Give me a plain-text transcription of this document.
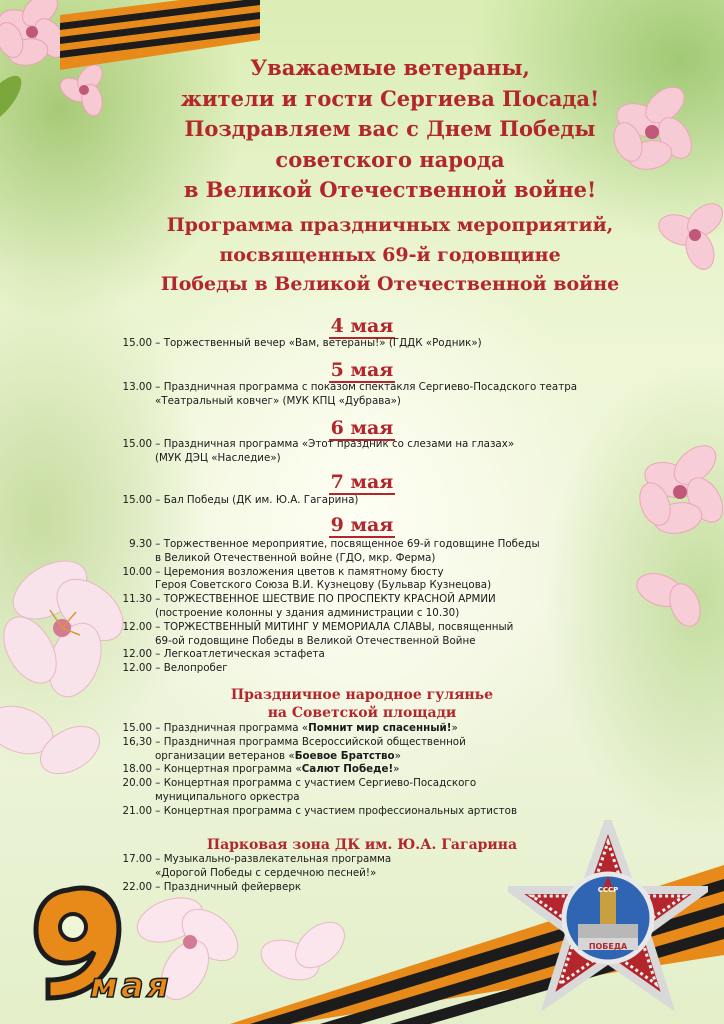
Уважаемые ветераны,
жители и гости Сергиева Посада!
Поздравляем вас с Днем Победы
советского народа
в Великой Отечественной войне!
Программа праздничных мероприятий,
посвященных 69-й годовщине
Победы в Великой Отечественной войне
4 мая
15.00 – Торжественный вечер «Вам, ветераны!» (ГДДК «Родник»)
5 мая
13.00 – Праздничная программа с показом спектакля Сергиево-Посадского театра
«Театральный ковчег» (МУК КПЦ «Дубрава»)
6 мая
15.00 – Праздничная программа «Этот праздник со слезами на глазах»
(МУК ДЭЦ «Наследие»)
7 мая
15.00 – Бал Победы (ДК им. Ю.А. Гагарина)
9 мая
9.30 – Торжественное мероприятие, посвященное 69-й годовщине Победы
в Великой Отечественной войне (ГДО, мкр. Ферма)
10.00 – Церемония возложения цветов к памятному бюсту
Героя Советского Союза В.И. Кузнецову (Бульвар Кузнецова)
11.30 – ТОРЖЕСТВЕННОЕ ШЕСТВИЕ ПО ПРОСПЕКТУ КРАСНОЙ АРМИИ
(построение колонны у здания администрации с 10.30)
12.00 – ТОРЖЕСТВЕННЫЙ МИТИНГ У МЕМОРИАЛА СЛАВЫ, посвященный
69-ой годовщине Победы в Великой Отечественной Войне
12.00 – Легкоатлетическая эстафета
12.00 – Велопробег
Праздничное народное гулянье
на Советской площади
15.00 – Праздничная программа «Помнит мир спасенный!»
16,30 – Праздничная программа Всероссийской общественной
организации ветеранов «Боевое Братство»
18.00 – Концертная программа «Салют Победе!»
20.00 – Концертная программа с участием Сергиево-Посадского
муниципального оркестра
21.00 – Концертная программа с участием профессиональных артистов
Парковая зона ДК им. Ю.А. Гагарина
17.00 – Музыкально-развлекательная программа
«Дорогой Победы с сердечною песней!»
22.00 – Праздничный фейерверк
мая
СССР
ПОБЕДА
